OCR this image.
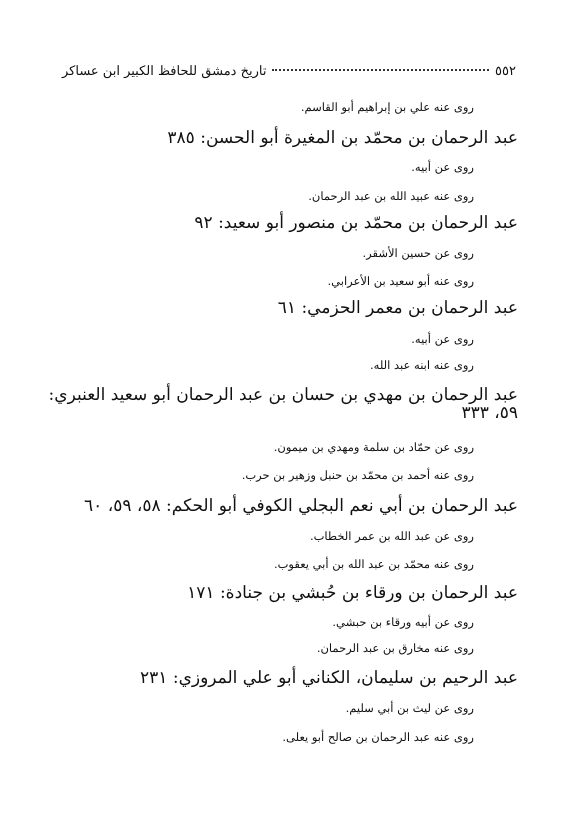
٥٥٢
تاريخ دمشق للحافظ الكبير ابن عساكر
روى عنه علي بن إبراهيم أبو القاسم.
عبد الرحمان بن محمّد بن المغيرة أبو الحسن: ٣٨٥
روى عن أبيه.
روى عنه عبيد الله بن عبد الرحمان.
عبد الرحمان بن محمّد بن منصور أبو سعيد: ٩٢
روى عن حسين الأشقر.
روى عنه أبو سعيد بن الأعرابي.
عبد الرحمان بن معمر الحزمي: ٦١
روى عن أبيه.
روى عنه ابنه عبد الله.
عبد الرحمان بن مهدي بن حسان بن عبد الرحمان أبو سعيد العنبري:
٥٩، ٣٣٣
روى عن حمّاد بن سلمة ومهدي بن ميمون.
روى عنه أحمد بن محمّد بن حنبل وزهير بن حرب.
عبد الرحمان بن أبي نعم البجلي الكوفي أبو الحكم: ٥٨، ٥٩، ٦٠
روى عن عبد الله بن عمر الخطاب.
روى عنه محمّد بن عبد الله بن أبي يعقوب.
عبد الرحمان بن ورقاء بن حُبشي بن جنادة: ١٧١
روى عن أبيه ورقاء بن حبشي.
روى عنه مخارق بن عبد الرحمان.
عبد الرحيم بن سليمان، الكناني أبو علي المروزي: ٢٣١
روى عن ليث بن أبي سليم.
روى عنه عبد الرحمان بن صالح أبو يعلى.
